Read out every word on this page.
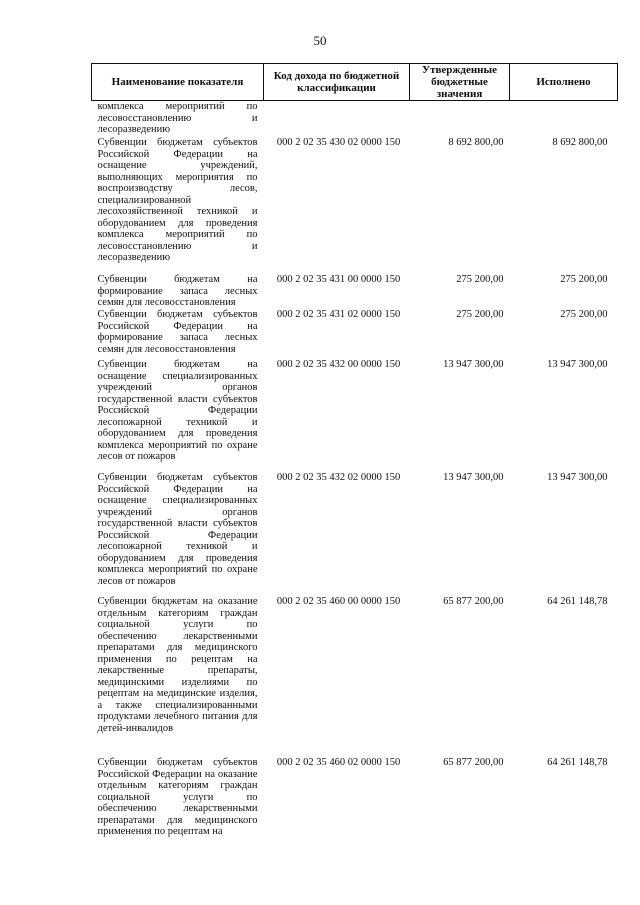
50
Наименование показателя	Код дохода по бюджетной классификации	Утвержденные бюджетные значения	Исполнено
комплекса мероприятий по лесовосстановлению и лесоразведению			
Субвенции бюджетам субъектов Российской Федерации на оснащение учреждений, выполняющих мероприятия по воспроизводству лесов, специализированной лесохозяйственной техникой и оборудованием для проведения комплекса мероприятий по лесовосстановлению и лесоразведению	000 2 02 35 430 02 0000 150	8 692 800,00	8 692 800,00
Субвенции бюджетам на формирование запаса лесных семян для лесовосстановления	000 2 02 35 431 00 0000 150	275 200,00	275 200,00
Субвенции бюджетам субъектов Российской Федерации на формирование запаса лесных семян для лесовосстановления	000 2 02 35 431 02 0000 150	275 200,00	275 200,00
Субвенции бюджетам на оснащение специализированных учреждений органов государственной власти субъектов Российской Федерации лесопожарной техникой и оборудованием для проведения комплекса мероприятий по охране лесов от пожаров	000 2 02 35 432 00 0000 150	13 947 300,00	13 947 300,00
Субвенции бюджетам субъектов Российской Федерации на оснащение специализированных учреждений органов государственной власти субъектов Российской Федерации лесопожарной техникой и оборудованием для проведения комплекса мероприятий по охране лесов от пожаров	000 2 02 35 432 02 0000 150	13 947 300,00	13 947 300,00
Субвенции бюджетам на оказание отдельным категориям граждан социальной услуги по обеспечению лекарственными препаратами для медицинского применения по рецептам на лекарственные препараты, медицинскими изделиями по рецептам на медицинские изделия, а также специализированными продуктами лечебного питания для детей-инвалидов	000 2 02 35 460 00 0000 150	65 877 200,00	64 261 148,78
Субвенции бюджетам субъектов Российской Федерации на оказание отдельным категориям граждан социальной услуги по обеспечению лекарственными препаратами для медицинского применения по рецептам на	000 2 02 35 460 02 0000 150	65 877 200,00	64 261 148,78
